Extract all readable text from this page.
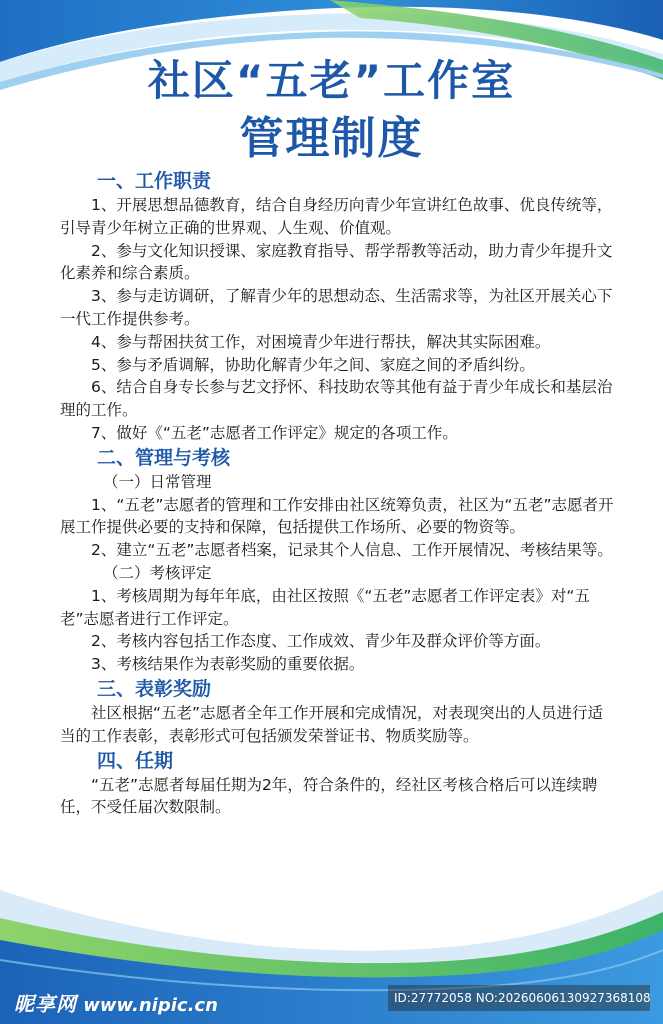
社区“五老”工作室
管理制度

一、工作职责

1、开展思想品德教育，结合自身经历向青少年宣讲红色故事、优良传统等，引导青少年树立正确的世界观、人生观、价值观。

2、参与文化知识授课、家庭教育指导、帮学帮教等活动，助力青少年提升文化素养和综合素质。

3、参与走访调研，了解青少年的思想动态、生活需求等，为社区开展关心下一代工作提供参考。

4、参与帮困扶贫工作，对困境青少年进行帮扶，解决其实际困难。

5、参与矛盾调解，协助化解青少年之间、家庭之间的矛盾纠纷。

6、结合自身专长参与艺文抒怀、科技助农等其他有益于青少年成长和基层治理的工作。

7、做好《“五老”志愿者工作评定》规定的各项工作。

二、管理与考核

（一）日常管理

1、“五老”志愿者的管理和工作安排由社区统筹负责，社区为“五老”志愿者开展工作提供必要的支持和保障，包括提供工作场所、必要的物资等。

2、建立“五老”志愿者档案，记录其个人信息、工作开展情况、考核结果等。

（二）考核评定

1、考核周期为每年年底，由社区按照《“五老”志愿者工作评定表》对“五老”志愿者进行工作评定。

2、考核内容包括工作态度、工作成效、青少年及群众评价等方面。

3、考核结果作为表彰奖励的重要依据。

三、表彰奖励

社区根据“五老”志愿者全年工作开展和完成情况，对表现突出的人员进行适当的工作表彰，表彰形式可包括颁发荣誉证书、物质奖励等。

四、任期

“五老”志愿者每届任期为2年，符合条件的，经社区考核合格后可以连续聘任，不受任届次数限制。

昵享网 www.nipic.cn	ID:27772058 NO:20260606130927368108
